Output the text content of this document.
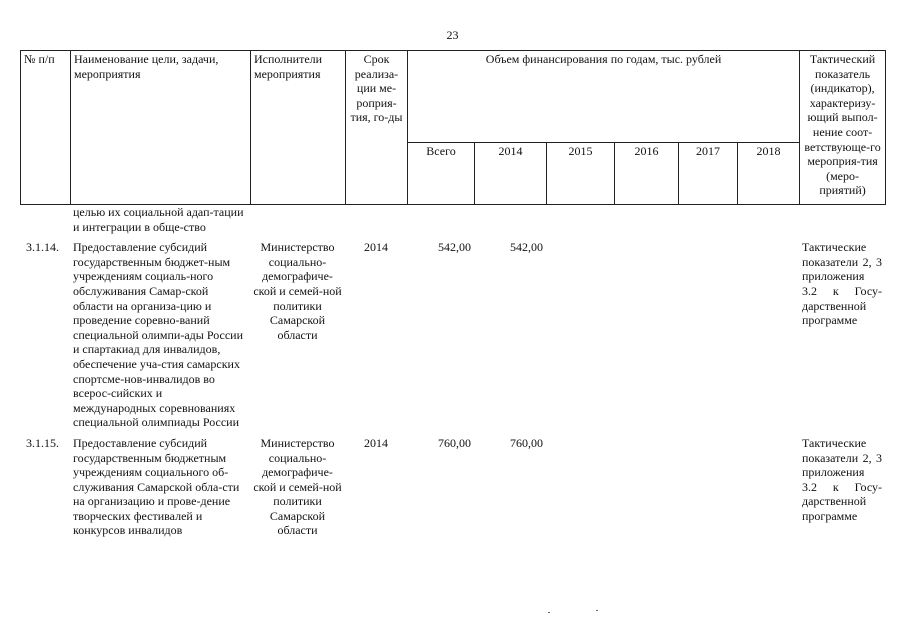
23
№ п/п	Наименование цели, задачи, мероприятия	Исполнители мероприятия	Срок реализа-ции ме-роприя-тия, го-ды	Объем финансирования по годам, тыс. рублей						Тактический показатель (индикатор), характеризу-ющий выпол-нение соот-ветствующе-го мероприя-тия (меро-приятий)
				Всего	2014	2015	2016	2017	2018	
	целью их социальной адап-тации и интеграции в обще-ство									

3.1.14.	Предоставление субсидий государственным бюджет-ным учреждениям социаль-ного обслуживания Самар-ской области на организа-цию и проведение соревно-ваний специальной олимпи-ады России и спартакиад для инвалидов, обеспечение уча-стия самарских спортсме-нов-инвалидов во всерос-сийских и международных соревнованиях специальной олимпиады России	Министерство социально-демографиче-ской и семей-ной политики Самарской области	2014	542,00	542,00					Тактические показатели 2, 3 приложения 3.2 к Госу-дарственной программе

3.1.15.	Предоставление субсидий государственным бюджетным учреждениям социального об-служивания Самарской обла-сти на организацию и прове-дение творческих фестивалей и конкурсов инвалидов	Министерство социально-демографиче-ской и семей-ной политики Самарской области	2014	760,00	760,00					Тактические показатели 2, 3 приложения 3.2 к Госу-дарственной программе
